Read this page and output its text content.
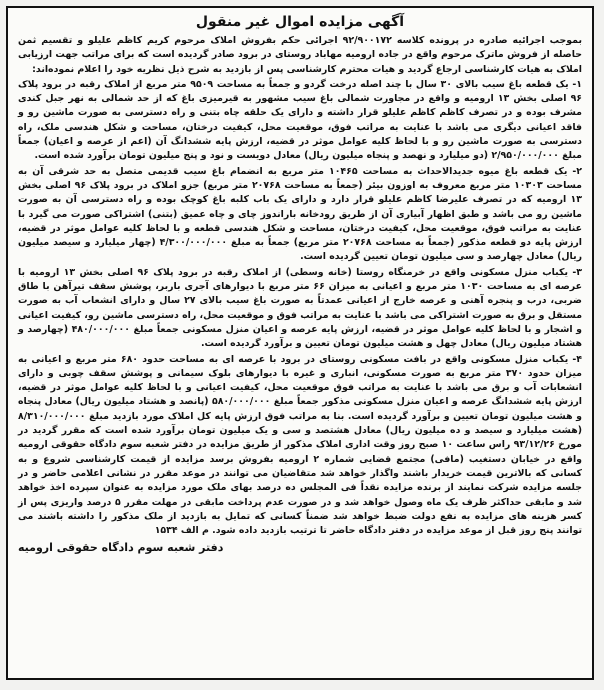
آگهی مزایده اموال غیر منقول

بموجب اجرائیه صادره در پرونده کلاسه ۹۲/۹۰۰۱۷۲ اجرائی حکم بفروش املاک مرحوم کریم کاظم علیلو و تقسیم ثمن حاصله از فروش ماترک مرحوم واقع در جاده ارومیه مهاباد روستای در برود صادر گردیده است که برای مراتب جهت ارزیابی املاک به هیات کارشناسی ارجاع گردید و هیات محترم کارشناسی پس از بازدید به شرح ذیل نظریه خود را اعلام نموده‌اند:

۱- یک قطعه باغ سیب بالای ۳۰ سال با چند اصله درخت گردو و جمعاً به مساحت ۹۵۰۹ متر مربع از املاک رقبه در برود پلاک ۹۶ اصلی بخش ۱۳ ارومیه و واقع در مجاورت شمالی باغ سیب مشهور به قیرمیزی باغ که از حد شمالی به نهر جبل کندی مشرف بوده و در تصرف کاظم کاظم علیلو قرار داشته و دارای یک حلقه چاه بتنی و راه دسترسی به صورت ماشین رو و فاقد اعیانی دیگری می باشد با عنایت به مراتب فوق، موقعیت محل، کیفیت درختان، مساحت و شکل هندسی ملک، راه دسترسی به صورت ماشین رو و با لحاظ کلیه عوامل موثر در قضیه، ارزش پایه ششدانگ آن (اعم از عرصه و اعیان) جمعاً مبلغ ۲/۹۵۰/۰۰۰/۰۰۰ (دو میلیارد و نهصد و پنجاه میلیون ریال) معادل دویست و نود و پنج میلیون تومان برآورد شده است.

۲- یک قطعه باغ میوه جدیدالاحداث به مساحت ۱۰۴۶۵ متر مربع به انضمام باغ سیب قدیمی متصل به حد شرقی آن به مساحت ۱۰۳۰۳ متر مربع معروف به اوزون بیئر (جمعاً به مساحت ۲۰۷۶۸ متر مربع) جزو املاک در برود پلاک ۹۶ اصلی بخش ۱۳ ارومیه که در تصرف علیرضا کاظم علیلو قرار دارد و دارای یک باب کلبه باغ کوچک بوده و راه دسترسی آن به صورت ماشین رو می باشد و طبق اظهار آبیاری آن از طریق رودخانه باراندوز چای و چاه عمیق (بتنی) اشتراکی صورت می گیرد با عنایت به مراتب فوق، موقعیت محل، کیفیت درختان، مساحت و شکل هندسی قطعه و با لحاظ کلیه عوامل موثر در قضیه، ارزش پایه دو قطعه مذکور (جمعاً به مساحت ۲۰۷۶۸ متر مربع) جمعاً به مبلغ ۴/۳۰۰/۰۰۰/۰۰۰ (چهار میلیارد و سیصد میلیون ریال) معادل چهارصد و سی میلیون تومان تعیین گردیده است.

۳- یکباب منزل مسکونی واقع در خرمنگاه روستا (خانه وسطی) از املاک رقبه در برود پلاک ۹۶ اصلی بخش ۱۳ ارومیه با عرصه ای به مساحت ۱۰۳۰ متر مربع و اعیانی به میزان ۶۶ متر مربع با دیوارهای آجری باربر، پوشش سقف تیرآهن با طاق ضربی، درب و پنجره آهنی و عرصه خارج از اعیانی عمدتاً به صورت باغ سیب بالای ۲۷ سال و دارای انشعاب آب به صورت مستقل و برق به صورت اشتراکی می باشد با عنایت به مراتب فوق و موقعیت محل، راه دسترسی ماشین رو، کیفیت اعیانی و اشجار و با لحاظ کلیه عوامل موثر در قضیه، ارزش پایه عرصه و اعیان منزل مسکونی جمعاً مبلغ ۴۸۰/۰۰۰/۰۰۰ (چهارصد و هشتاد میلیون ریال) معادل چهل و هشت میلیون تومان تعیین و برآورد گردیده است.

۴- یکباب منزل مسکونی واقع در بافت مسکونی روستای در برود با عرصه ای به مساحت حدود ۶۸۰ متر مربع و اعیانی به میزان حدود ۳۷۰ متر مربع به صورت مسکونی، انباری و غیره با دیوارهای بلوک سیمانی و پوشش سقف چوبی و دارای انشعابات آب و برق می باشد با عنایت به مراتب فوق موقعیت محل، کیفیت اعیانی و با لحاظ کلیه عوامل موثر در قضیه، ارزش پایه ششدانگ عرصه و اعیان منزل مسکونی مذکور جمعاً مبلغ ۵۸۰/۰۰۰/۰۰۰ (پانصد و هشتاد میلیون ریال) معادل پنجاه و هشت میلیون تومان تعیین و برآورد گردیده است. بنا به مراتب فوق ارزش پایه کل املاک مورد بازدید مبلغ ۸/۳۱۰/۰۰۰/۰۰۰ (هشت میلیارد و سیصد و ده میلیون ریال) معادل هشتصد و سی و یک میلیون تومان برآورد شده است که مقرر گردید در مورخ ۹۳/۱۲/۲۶ راس ساعت ۱۰ صبح روز وقت اداری املاک مذکور از طریق مزایده در دفتر شعبه سوم دادگاه حقوقی ارومیه واقع در خیابان دستغیب (مافی) مجتمع قضایی شماره ۲ ارومیه بفروش برسد مزایده از قیمت کارشناسی شروع و به کسانی که بالاترین قیمت خریدار باشند واگذار خواهد شد متقاضیان می توانند در موعد مقرر در نشانی اعلامی حاضر و در جلسه مزایده شرکت نمایند از برنده مزایده نقداً فی المجلس ده درصد بهای ملک مورد مزایده به عنوان سپرده اخذ خواهد شد و مابقی حداکثر ظرف یک ماه وصول خواهد شد و در صورت عدم پرداخت مابقی در مهلت مقرر ۵ درصد واریزی پس از کسر هزینه های مزایده به نفع دولت ضبط خواهد شد ضمناً کسانی که تمایل به بازدید از ملک مذکور را داشته باشند می توانند پنج روز قبل از موعد مزایده در دفتر دادگاه حاضر تا ترتیب بازدید داده شود. م الف ۱۵۳۴

دفتر شعبه سوم دادگاه حقوقی ارومیه
